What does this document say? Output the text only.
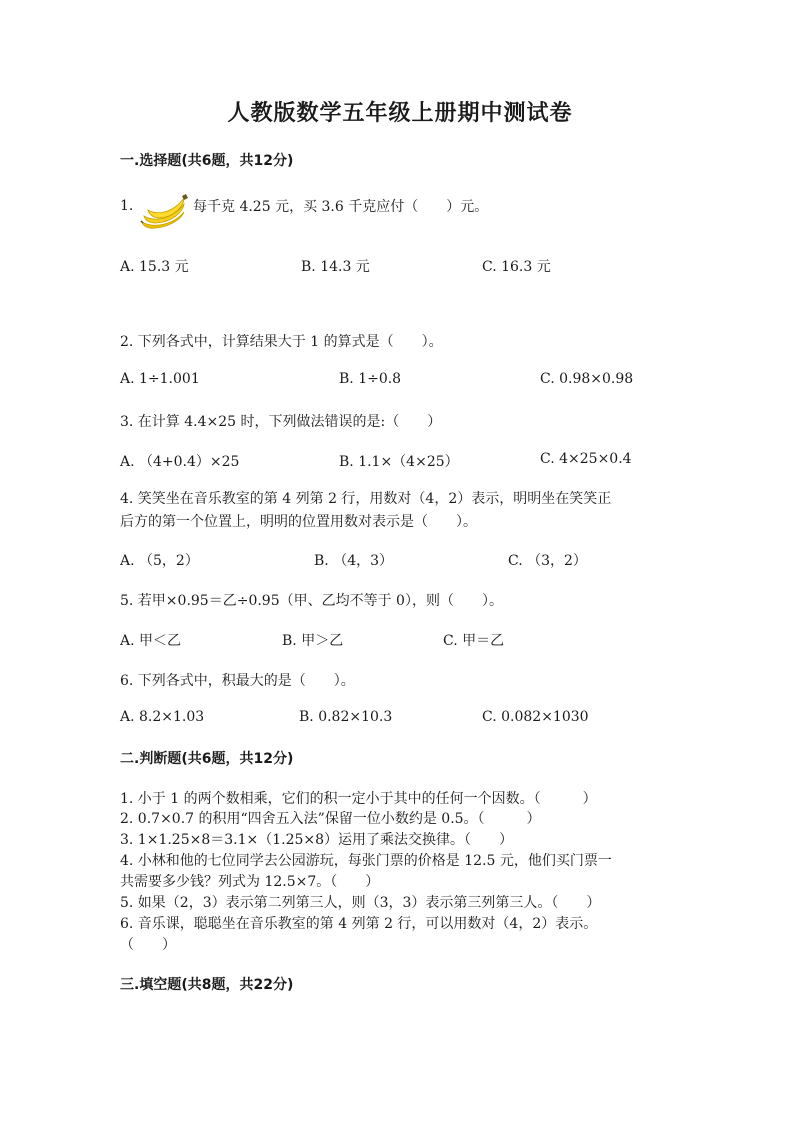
人教版数学五年级上册期中测试卷
一.选择题(共6题，共12分)
1.	每千克 4.25 元，买 3.6 千克应付（　　）元。
A. 15.3 元	B. 14.3 元	C. 16.3 元
2. 下列各式中，计算结果大于 1 的算式是（　　）。
A. 1÷1.001	B. 1÷0.8	C. 0.98×0.98
3. 在计算 4.4×25 时，下列做法错误的是:（　　）
A. （4+0.4）×25	B. 1.1×（4×25）	C. 4×25×0.4
4. 笑笑坐在音乐教室的第 4 列第 2 行，用数对（4，2）表示，明明坐在笑笑正
后方的第一个位置上，明明的位置用数对表示是（　　）。
A. （5，2）	B. （4，3）	C. （3，2）
5. 若甲×0.95＝乙÷0.95（甲、乙均不等于 0），则（　　）。
A. 甲＜乙	B. 甲＞乙	C. 甲＝乙
6. 下列各式中，积最大的是（　　）。
A. 8.2×1.03	B. 0.82×10.3	C. 0.082×1030
二.判断题(共6题，共12分)
1. 小于 1 的两个数相乘，它们的积一定小于其中的任何一个因数。（　　　）
2. 0.7×0.7 的积用“四舍五入法”保留一位小数约是 0.5。（　　　）
3. 1×1.25×8＝3.1×（1.25×8）运用了乘法交换律。（　　）
4. 小林和他的七位同学去公园游玩，每张门票的价格是 12.5 元，他们买门票一
共需要多少钱？列式为 12.5×7。（　　）
5. 如果（2，3）表示第二列第三人，则（3，3）表示第三列第三人。（　　）
6. 音乐课，聪聪坐在音乐教室的第 4 列第 2 行，可以用数对（4，2）表示。
（　　）
三.填空题(共8题，共22分)
